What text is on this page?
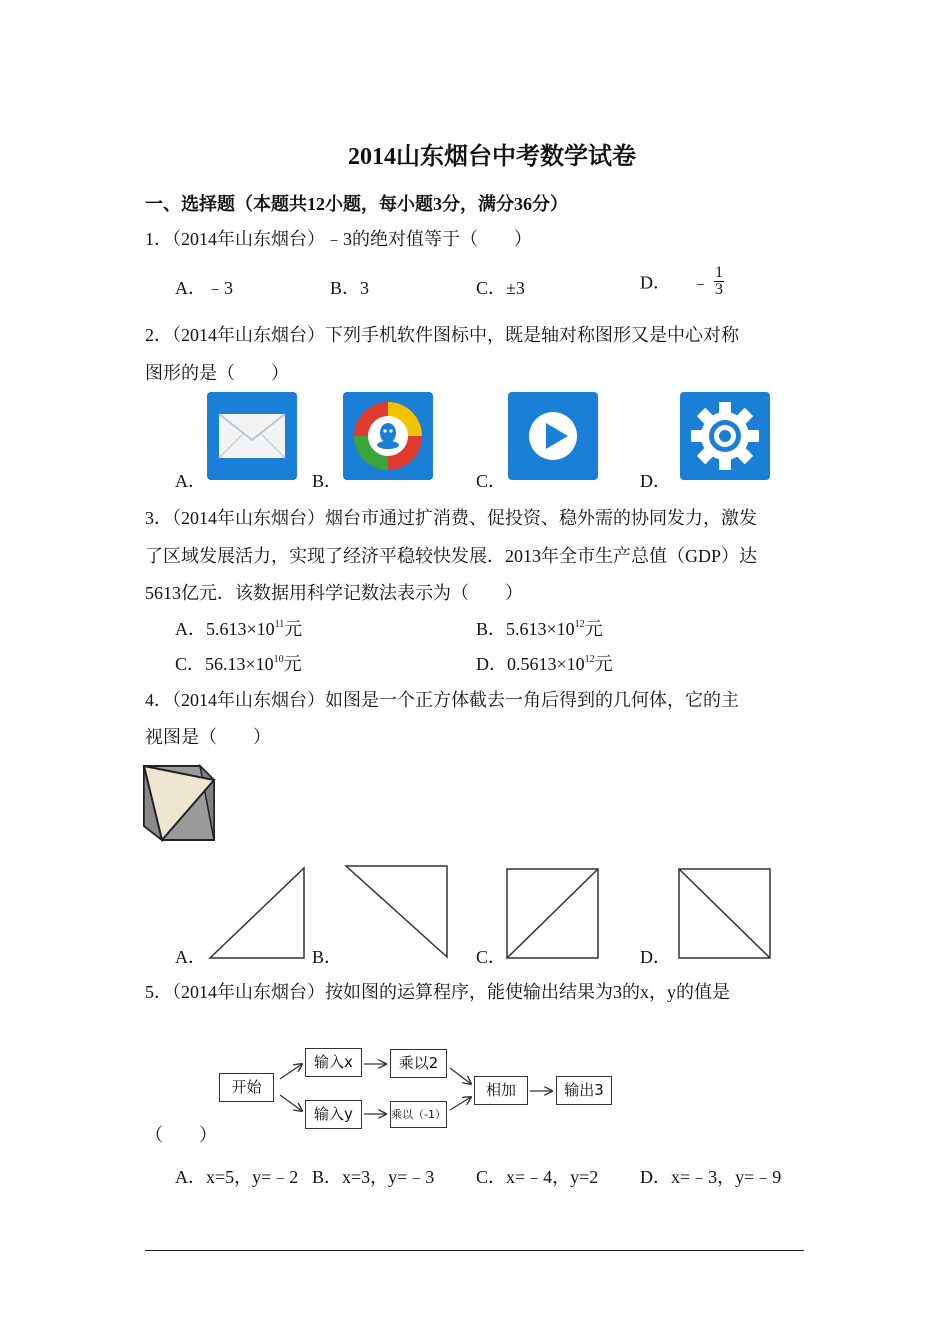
2014山东烟台中考数学试卷
一、选择题（本题共12小题，每小题3分，满分36分）
1．（2014年山东烟台）﹣3的绝对值等于（　　）
A．﹣3	B．3	C．±3	D． ﹣ $\frac{1}{3}$
2．（2014年山东烟台）下列手机软件图标中，既是轴对称图形又是中心对称
图形的是（　　）
A．	B．	C．	D．
3．（2014年山东烟台）烟台市通过扩消费、促投资、稳外需的协同发力，激发
了区域发展活力，实现了经济平稳较快发展．2013年全市生产总值（GDP）达
5613亿元．该数据用科学记数法表示为（　　）
A．$5.613\times 10^{11}$元	B．$5.613\times 10^{12}$元
C．$56.13\times 10^{10}$元	D．$0.5613\times 10^{12}$元
4．（2014年山东烟台）如图是一个正方体截去一角后得到的几何体，它的主
视图是（　　）
A．	B．	C．	D．
5．（2014年山东烟台）按如图的运算程序，能使输出结果为3的x，y的值是
开始
输入x
输入y
乘以2
乘以（-1）
相加	输出3
（　　）
A．x=5，y=﹣2 B．x=3，y=﹣3 C．x=﹣4，y=2 D．x=﹣3，y=﹣9
